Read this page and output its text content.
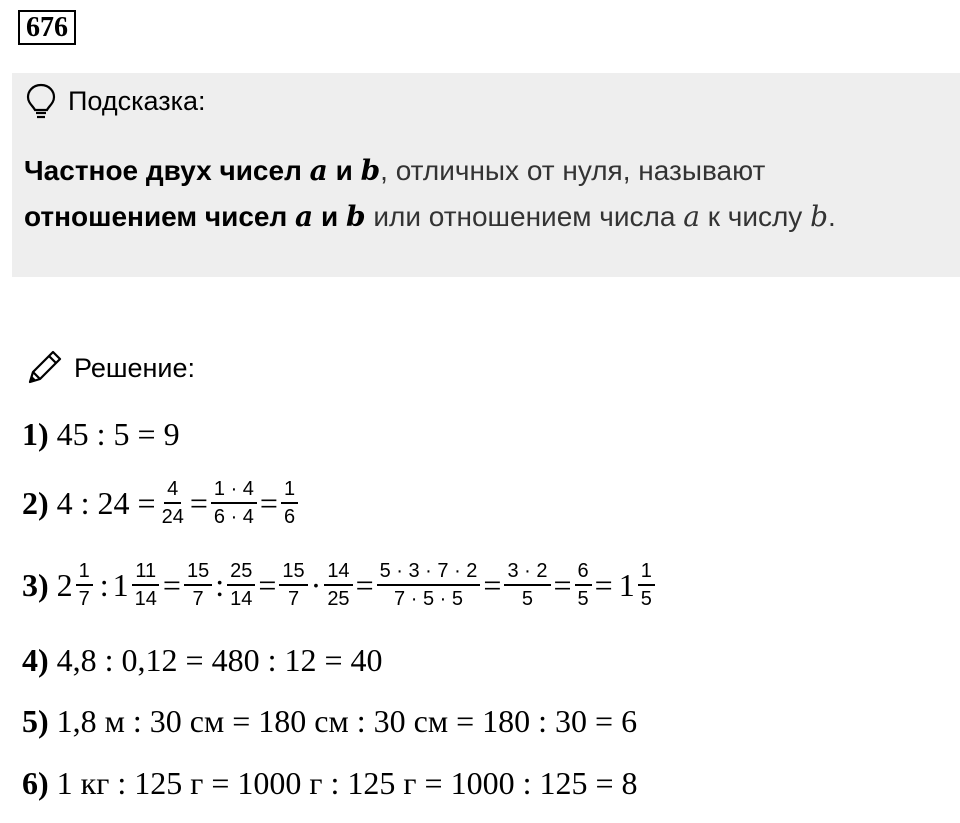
676
Подсказка:
Частное двух чисел a и b, отличных от нуля, называют
отношением чисел a и b или отношением числа a к числу b.
Решение:
1) 45 : 5 = 9
2) 4 : $24 = \frac{4}{24} = \frac{1 \cdot 4}{6 \cdot 4} = \frac{1}{6}$
3) $2 \frac{1}{7}$ : $1 \frac{11}{14} = \frac{15}{7}$ : $\frac{25}{14} = \frac{15}{7} \cdot \frac{14}{25} = \frac{5 \cdot 3 \cdot 7 \cdot 2}{7 \cdot 5 \cdot 5} = \frac{3 \cdot 2}{5} = \frac{6}{5} = 1 \frac{1}{5}$
4) 4,8 : 0,12 = 480 : 12 = 40
5) 1,8 м : 30 см = 180 см : 30 см = 180 : 30 = 6
6) 1 кг : 125 г = 1000 г : 125 г = 1000 : 125 = 8
